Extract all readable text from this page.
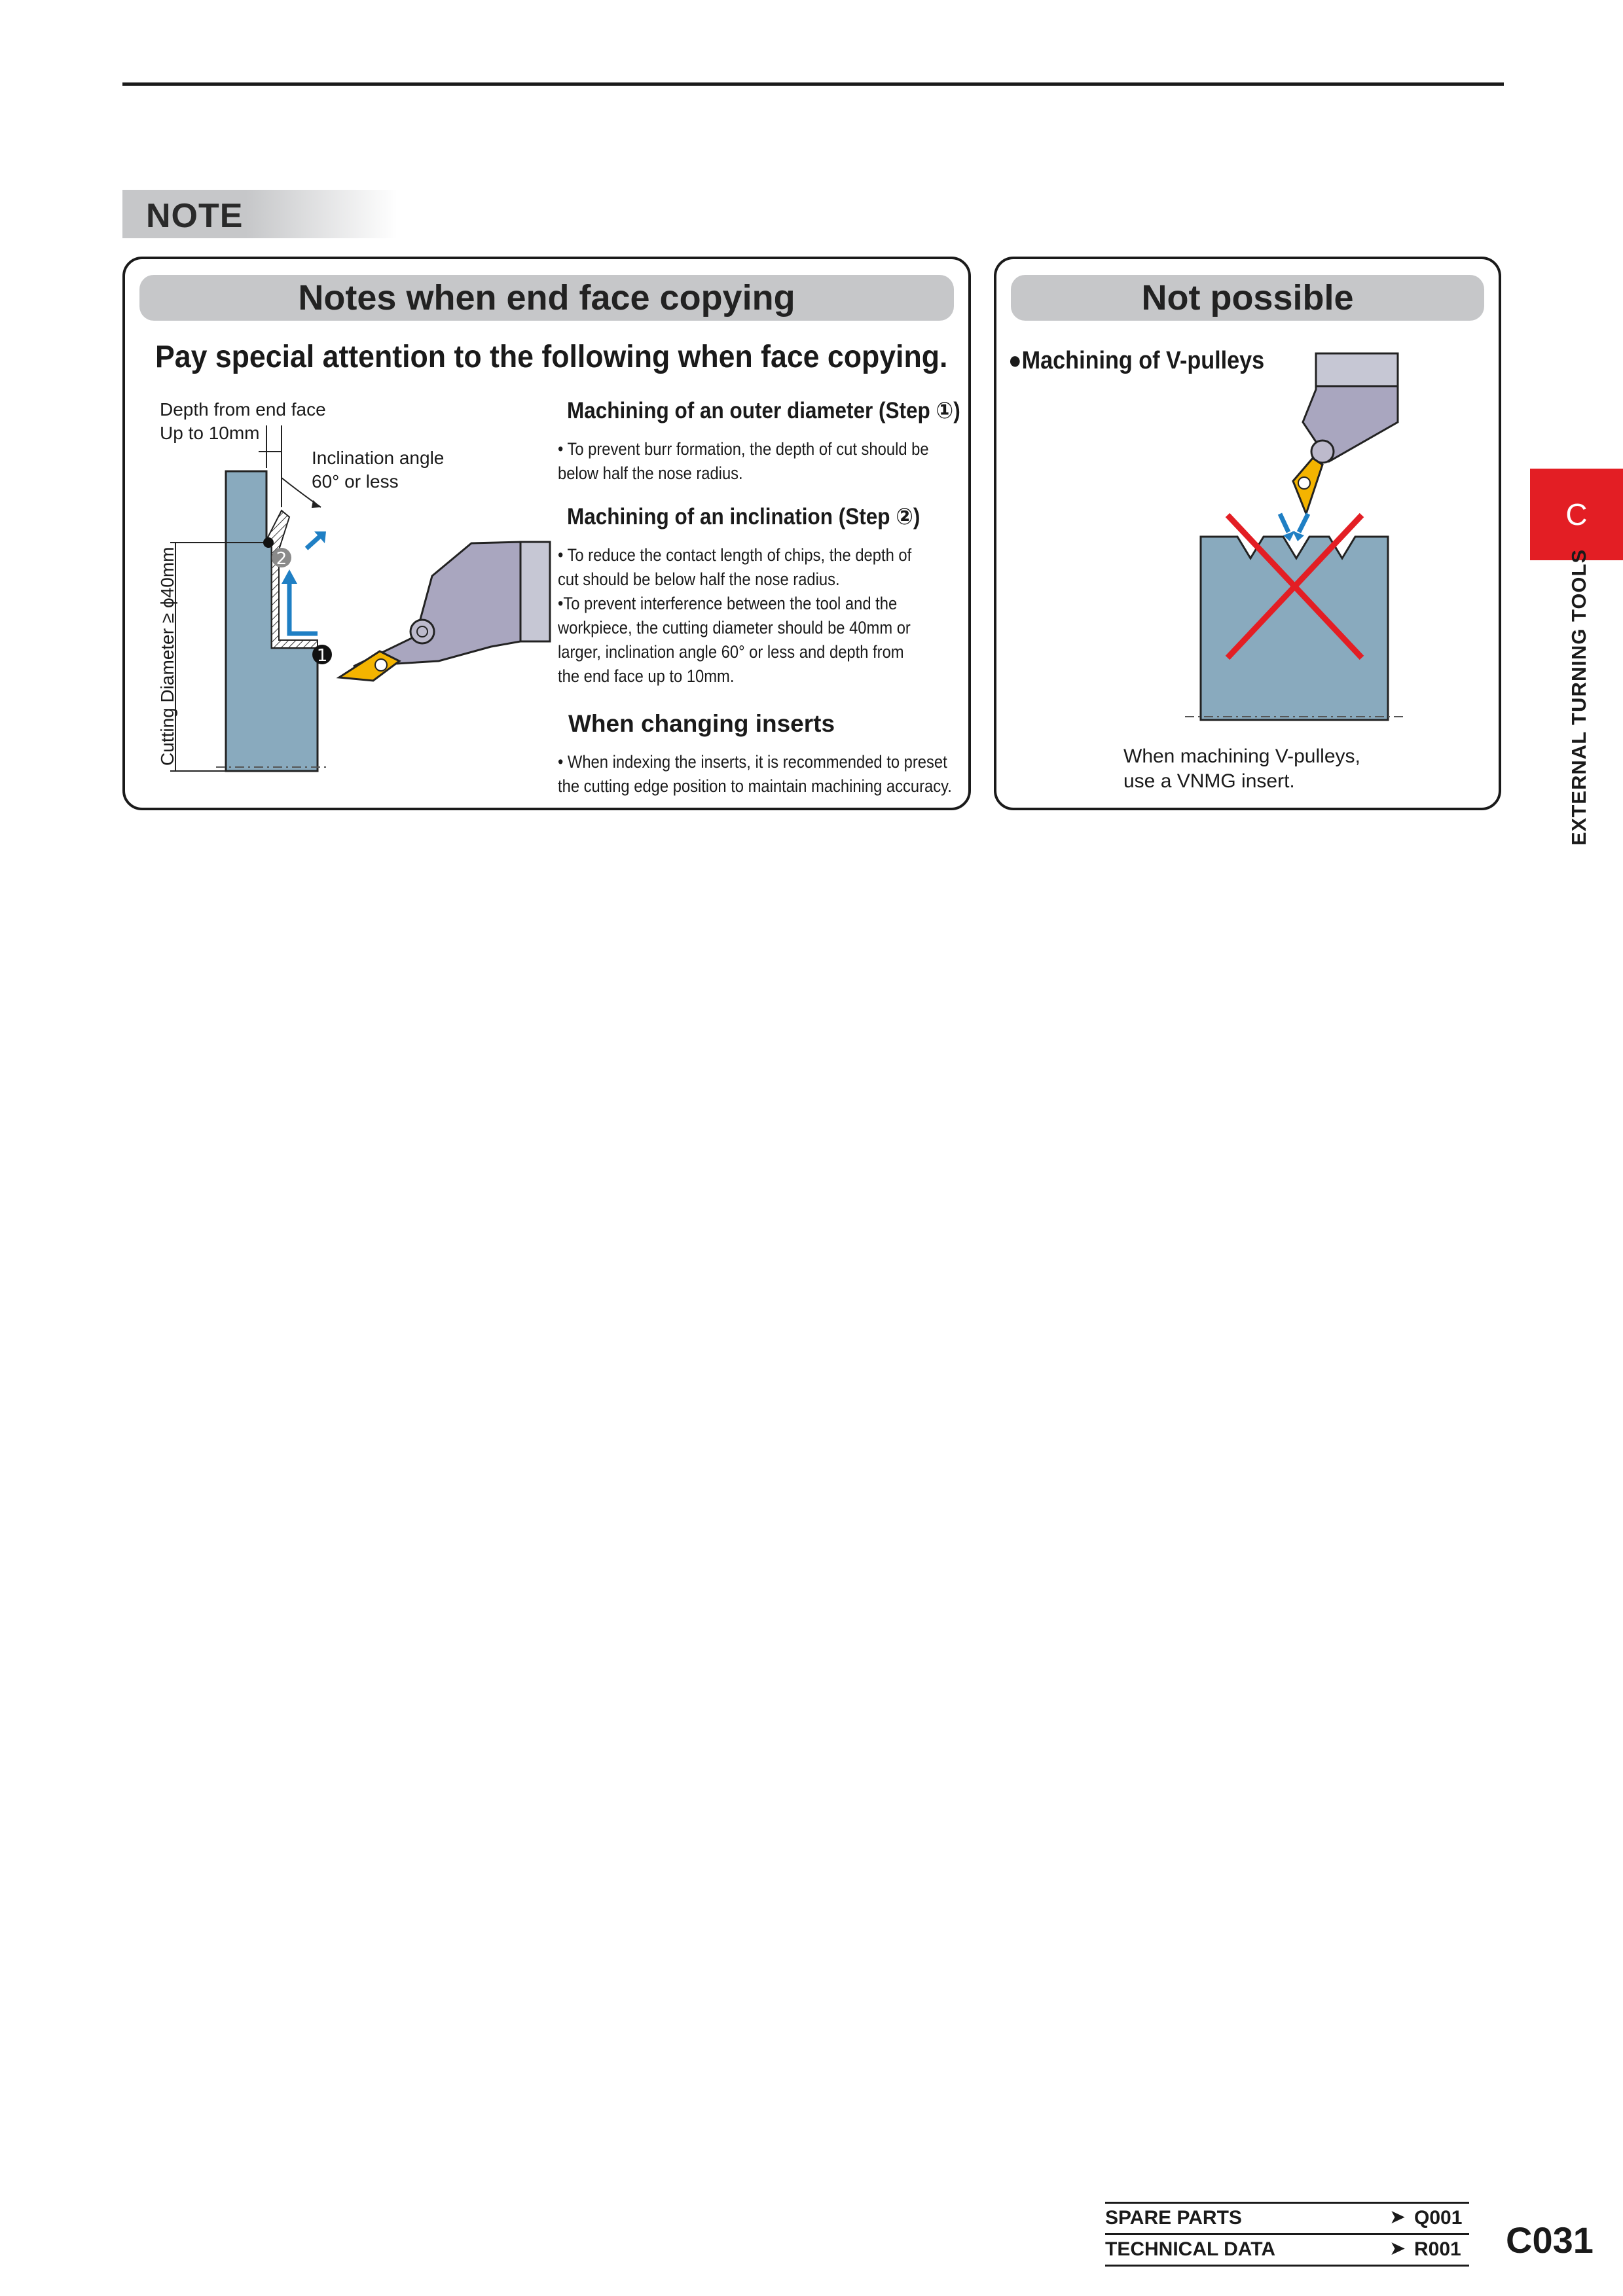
NOTE
Notes when end face copying
Pay special attention to the following when face copying.
2
1
Depth from end face
Up to 10mm
Inclination angle
60° or less
Cutting Diameter ≥ ϕ40mm
Machining of an outer diameter (Step ①)
• To prevent burr formation, the depth of cut should be
below half the nose radius.
Machining of an inclination (Step ②)
• To reduce the contact length of chips, the depth of
cut should be below half the nose radius.
•To prevent interference between the tool and the
workpiece, the cutting diameter should be 40mm or
larger, inclination angle 60° or less and depth from
the end face up to 10mm.
When changing inserts
• When indexing the inserts, it is recommended to preset
the cutting edge position to maintain machining accuracy.
Not possible
●Machining of V-pulleys
When machining V-pulleys,
use a VNMG insert.
C
EXTERNAL TURNING TOOLS
SPARE PARTS	➤ Q001
TECHNICAL DATA	➤ R001 C031
